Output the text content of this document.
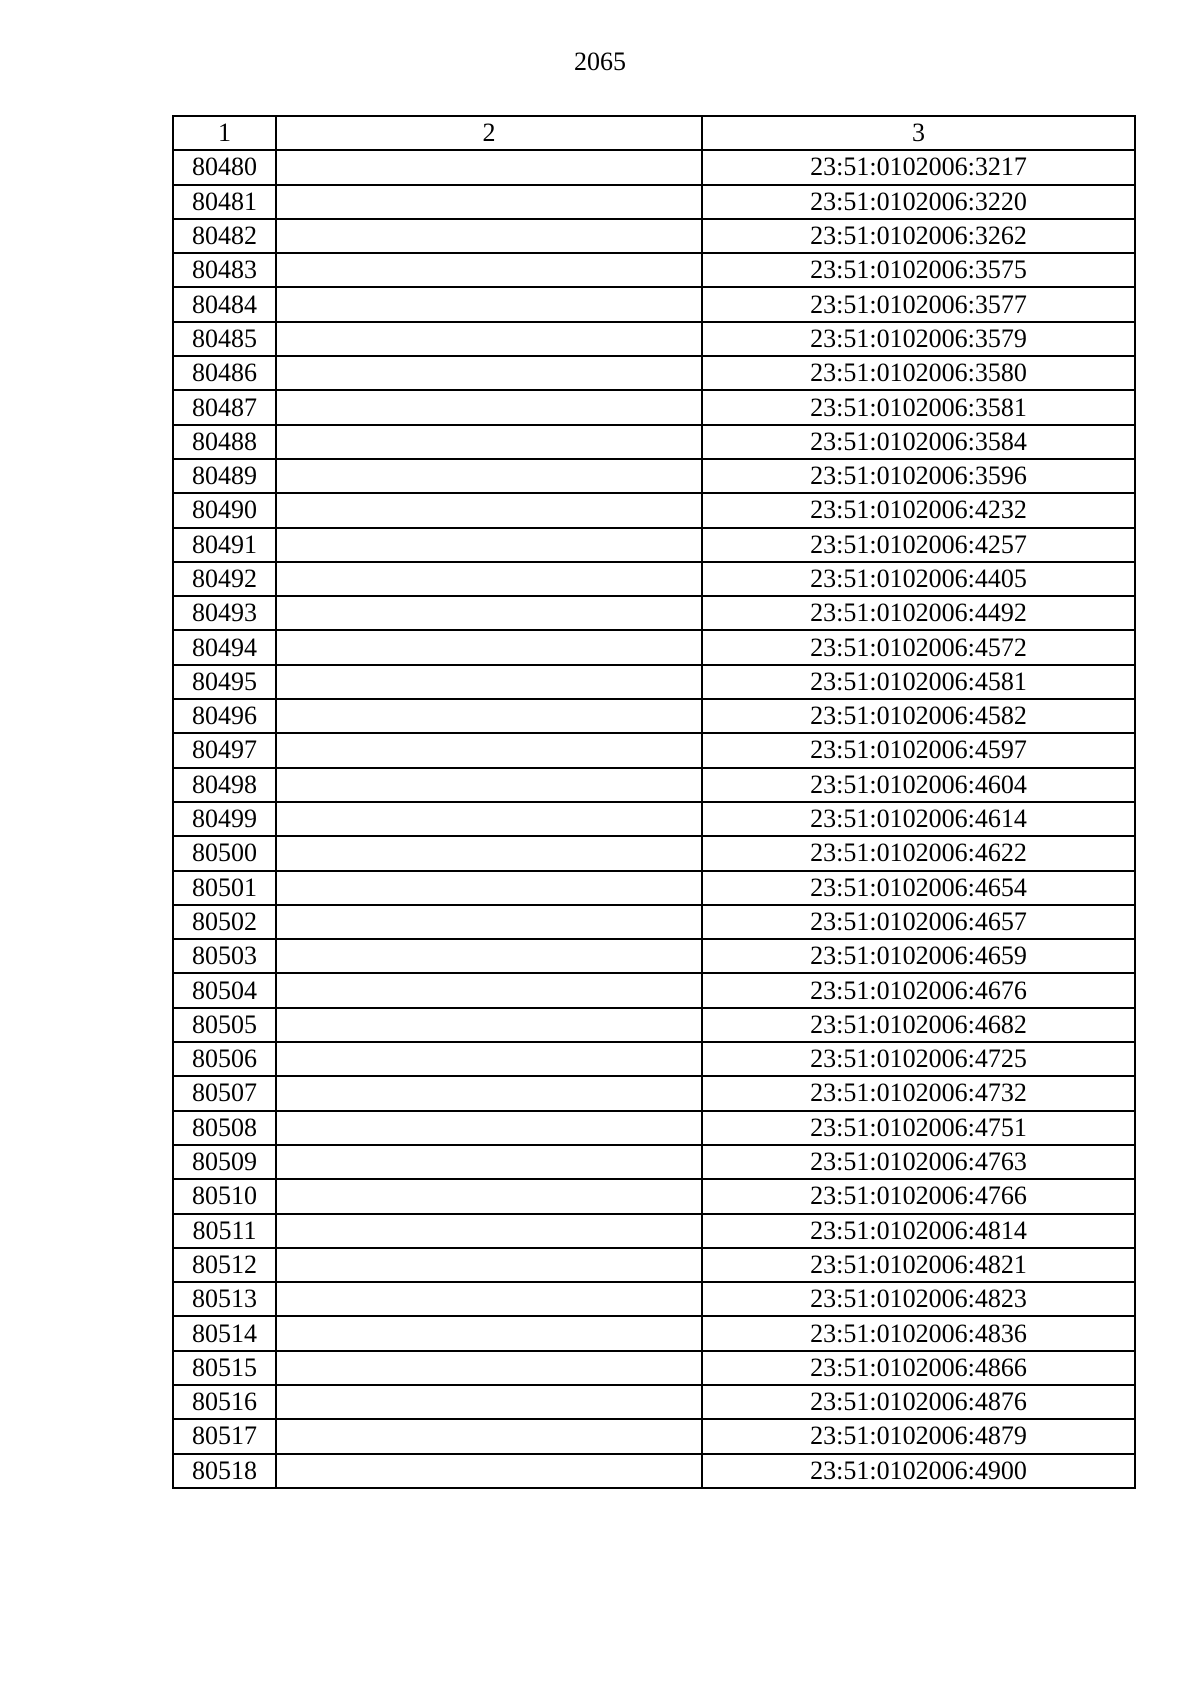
2065
1	2	3
80480		23:51:0102006:3217
80481		23:51:0102006:3220
80482		23:51:0102006:3262
80483		23:51:0102006:3575
80484		23:51:0102006:3577
80485		23:51:0102006:3579
80486		23:51:0102006:3580
80487		23:51:0102006:3581
80488		23:51:0102006:3584
80489		23:51:0102006:3596
80490		23:51:0102006:4232
80491		23:51:0102006:4257
80492		23:51:0102006:4405
80493		23:51:0102006:4492
80494		23:51:0102006:4572
80495		23:51:0102006:4581
80496		23:51:0102006:4582
80497		23:51:0102006:4597
80498		23:51:0102006:4604
80499		23:51:0102006:4614
80500		23:51:0102006:4622
80501		23:51:0102006:4654
80502		23:51:0102006:4657
80503		23:51:0102006:4659
80504		23:51:0102006:4676
80505		23:51:0102006:4682
80506		23:51:0102006:4725
80507		23:51:0102006:4732
80508		23:51:0102006:4751
80509		23:51:0102006:4763
80510		23:51:0102006:4766
80511		23:51:0102006:4814
80512		23:51:0102006:4821
80513		23:51:0102006:4823
80514		23:51:0102006:4836
80515		23:51:0102006:4866
80516		23:51:0102006:4876
80517		23:51:0102006:4879
80518		23:51:0102006:4900
